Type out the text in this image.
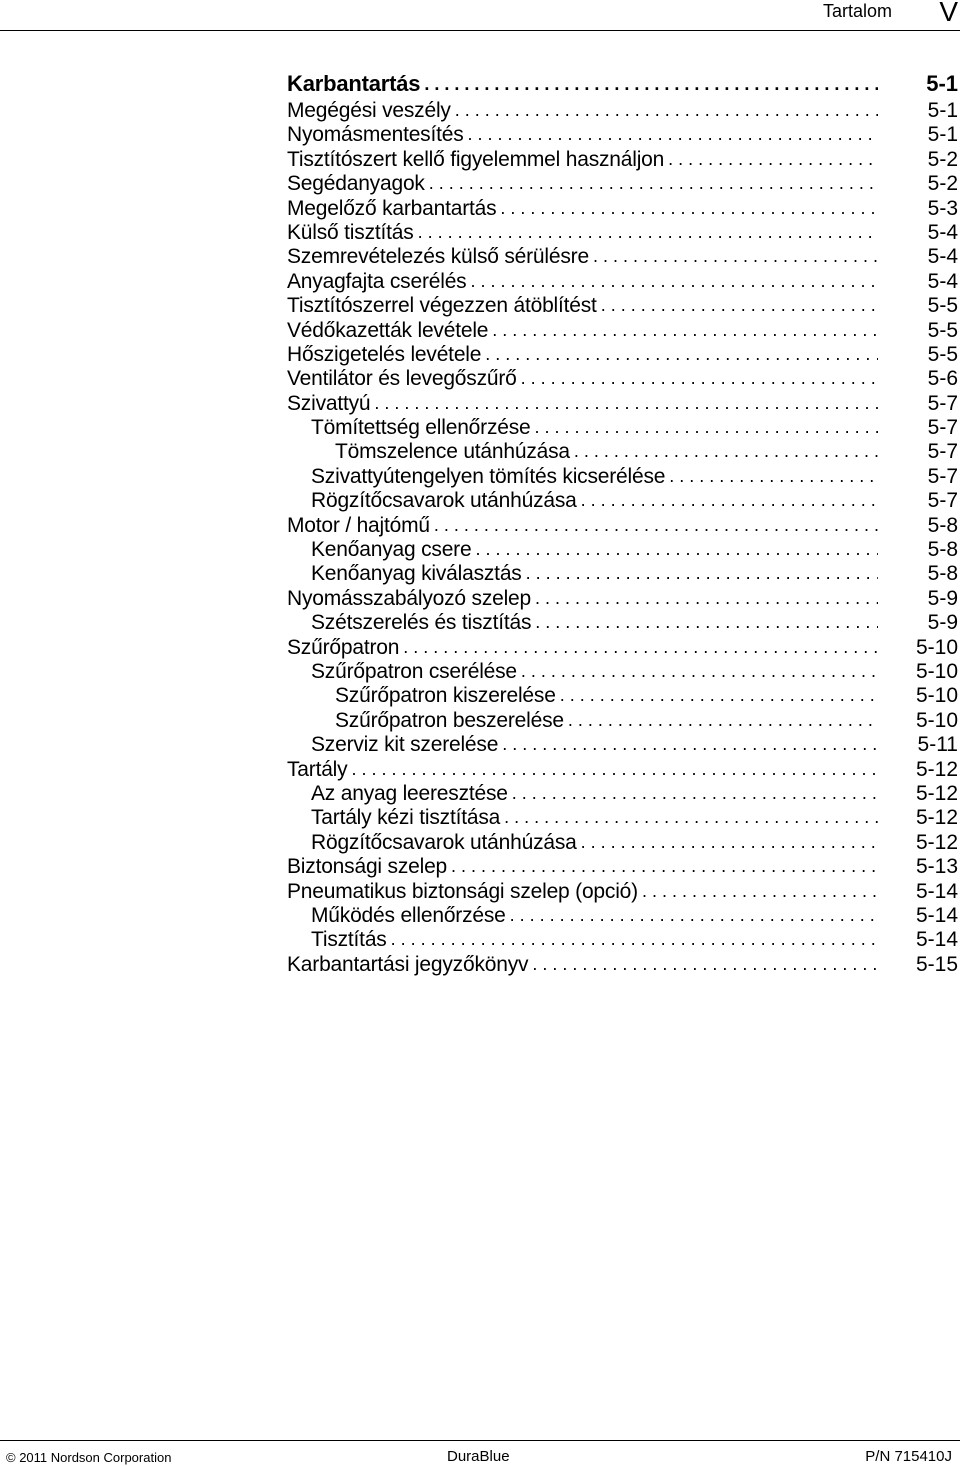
Tartalom V
Karbantartás . . .	5-1
Megégési veszély . . .	5-1
Nyomásmentesítés . . .	5-1
Tisztítószert kellő figyelemmel használjon . . .	5-2
Segédanyagok . . .	5-2
Megelőző karbantartás . . .	5-3
Külső tisztítás . . .	5-4
Szemrevételezés külső sérülésre . . .	5-4
Anyagfajta cserélés . . .	5-4
Tisztítószerrel végezzen átöblítést . . .	5-5
Védőkazetták levétele . . .	5-5
Hőszigetelés levétele . . .	5-5
Ventilátor és levegőszűrő . . .	5-6
Szivattyú . . .	5-7
Tömítettség ellenőrzése . . .	5-7
Tömszelence utánhúzása . . .	5-7
Szivattyútengelyen tömítés kicserélése . . .	5-7
Rögzítőcsavarok utánhúzása . . .	5-7
Motor / hajtómű . . .	5-8
Kenőanyag csere . . .	5-8
Kenőanyag kiválasztás . . .	5-8
Nyomásszabályozó szelep . . .	5-9
Szétszerelés és tisztítás . . .	5-9
Szűrőpatron . . .	5-10
Szűrőpatron cserélése . . .	5-10
Szűrőpatron kiszerelése . . .	5-10
Szűrőpatron beszerelése . . .	5-10
Szerviz kit szerelése . . .	5-11
Tartály . . .	5-12
Az anyag leeresztése . . .	5-12
Tartály kézi tisztítása . . .	5-12
Rögzítőcsavarok utánhúzása . . .	5-12
Biztonsági szelep . . .	5-13
Pneumatikus biztonsági szelep (opció) . . .	5-14
Működés ellenőrzése . . .	5-14
Tisztítás . . .	5-14
Karbantartási jegyzőkönyv . . .	5-15
© 2011 Nordson Corporation	DuraBlue	P/N 715410J
